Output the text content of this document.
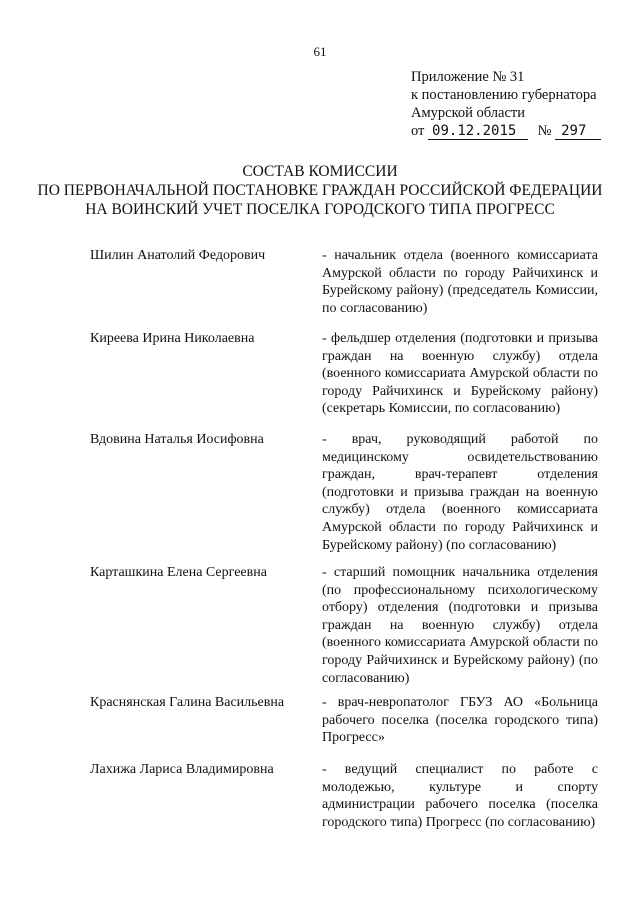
61
Приложение № 31
к постановлению губернатора
Амурской области
от 09.12.2015 № 297
СОСТАВ КОМИССИИ
ПО ПЕРВОНАЧАЛЬНОЙ ПОСТАНОВКЕ ГРАЖДАН РОССИЙСКОЙ ФЕДЕРАЦИИ
НА ВОИНСКИЙ УЧЕТ ПОСЕЛКА ГОРОДСКОГО ТИПА ПРОГРЕСС
Шилин Анатолий Федорович	- начальник отдела (военного комиссариата Амурской области по городу Райчихинск и Бурейскому району) (председатель Комиссии, по согласованию)
Киреева Ирина Николаевна	- фельдшер отделения (подготовки и призыва граждан на военную службу) отдела (военного комиссариата Амурской области по городу Райчихинск и Бурейскому району) (секретарь Комиссии, по согласованию)
Вдовина Наталья Иосифовна	- врач, руководящий работой по медицинскому освидетельствованию граждан, врач-терапевт отделения (подготовки и призыва граждан на военную службу) отдела (военного комиссариата Амурской области по городу Райчихинск и Бурейскому району) (по согласованию)
Карташкина Елена Сергеевна	- старший помощник начальника отделения (по профессиональному психологическому отбору) отделения (подготовки и призыва граждан на военную службу) отдела (военного комиссариата Амурской области по городу Райчихинск и Бурейскому району) (по согласованию)
Краснянская Галина Васильевна	- врач-невропатолог ГБУЗ АО «Больница рабочего поселка (поселка городского типа) Прогресс»
Лахижа Лариса Владимировна	- ведущий специалист по работе с молодежью, культуре и спорту администрации рабочего поселка (поселка городского типа) Прогресс (по согласованию)
